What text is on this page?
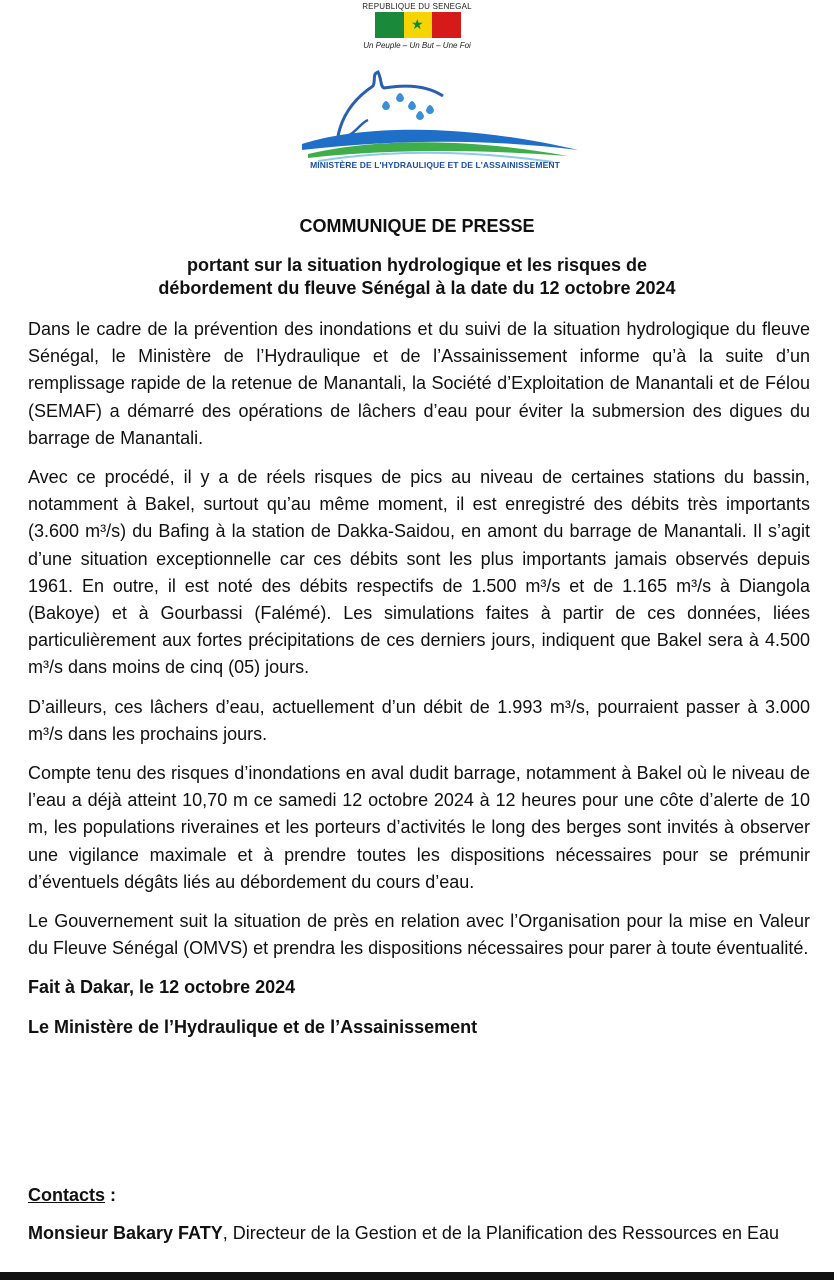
REPUBLIQUE DU SENEGAL
★
Un Peuple – Un But – Une Foi
MINISTÈRE DE L'HYDRAULIQUE ET DE L'ASSAINISSEMENT
COMMUNIQUE DE PRESSE
portant sur la situation hydrologique et les risques de
débordement du fleuve Sénégal à la date du 12 octobre 2024

Dans le cadre de la prévention des inondations et du suivi de la situation hydrologique du fleuve Sénégal, le Ministère de l’Hydraulique et de l’Assainissement informe qu’à la suite d’un remplissage rapide de la retenue de Manantali, la Société d’Exploitation de Manantali et de Félou (SEMAF) a démarré des opérations de lâchers d’eau pour éviter la submersion des digues du barrage de Manantali.

Avec ce procédé, il y a de réels risques de pics au niveau de certaines stations du bassin, notamment à Bakel, surtout qu’au même moment, il est enregistré des débits très importants (3.600 m³/s) du Bafing à la station de Dakka-Saidou, en amont du barrage de Manantali. Il s’agit d’une situation exceptionnelle car ces débits sont les plus importants jamais observés depuis 1961. En outre, il est noté des débits respectifs de 1.500 m³/s et de 1.165 m³/s à Diangola (Bakoye) et à Gourbassi (Falémé). Les simulations faites à partir de ces données, liées particulièrement aux fortes précipitations de ces derniers jours, indiquent que Bakel sera à 4.500 m³/s dans moins de cinq (05) jours.

D’ailleurs, ces lâchers d’eau, actuellement d’un débit de 1.993 m³/s, pourraient passer à 3.000 m³/s dans les prochains jours.

Compte tenu des risques d’inondations en aval dudit barrage, notamment à Bakel où le niveau de l’eau a déjà atteint 10,70 m ce samedi 12 octobre 2024 à 12 heures pour une côte d’alerte de 10 m, les populations riveraines et les porteurs d’activités le long des berges sont invités à observer une vigilance maximale et à prendre toutes les dispositions nécessaires pour se prémunir d’éventuels dégâts liés au débordement du cours d’eau.

Le Gouvernement suit la situation de près en relation avec l’Organisation pour la mise en Valeur du Fleuve Sénégal (OMVS) et prendra les dispositions nécessaires pour parer à toute éventualité.

Fait à Dakar, le 12 octobre 2024

Le Ministère de l’Hydraulique et de l’Assainissement

Contacts :

Monsieur Bakary FATY, Directeur de la Gestion et de la Planification des Ressources en Eau
